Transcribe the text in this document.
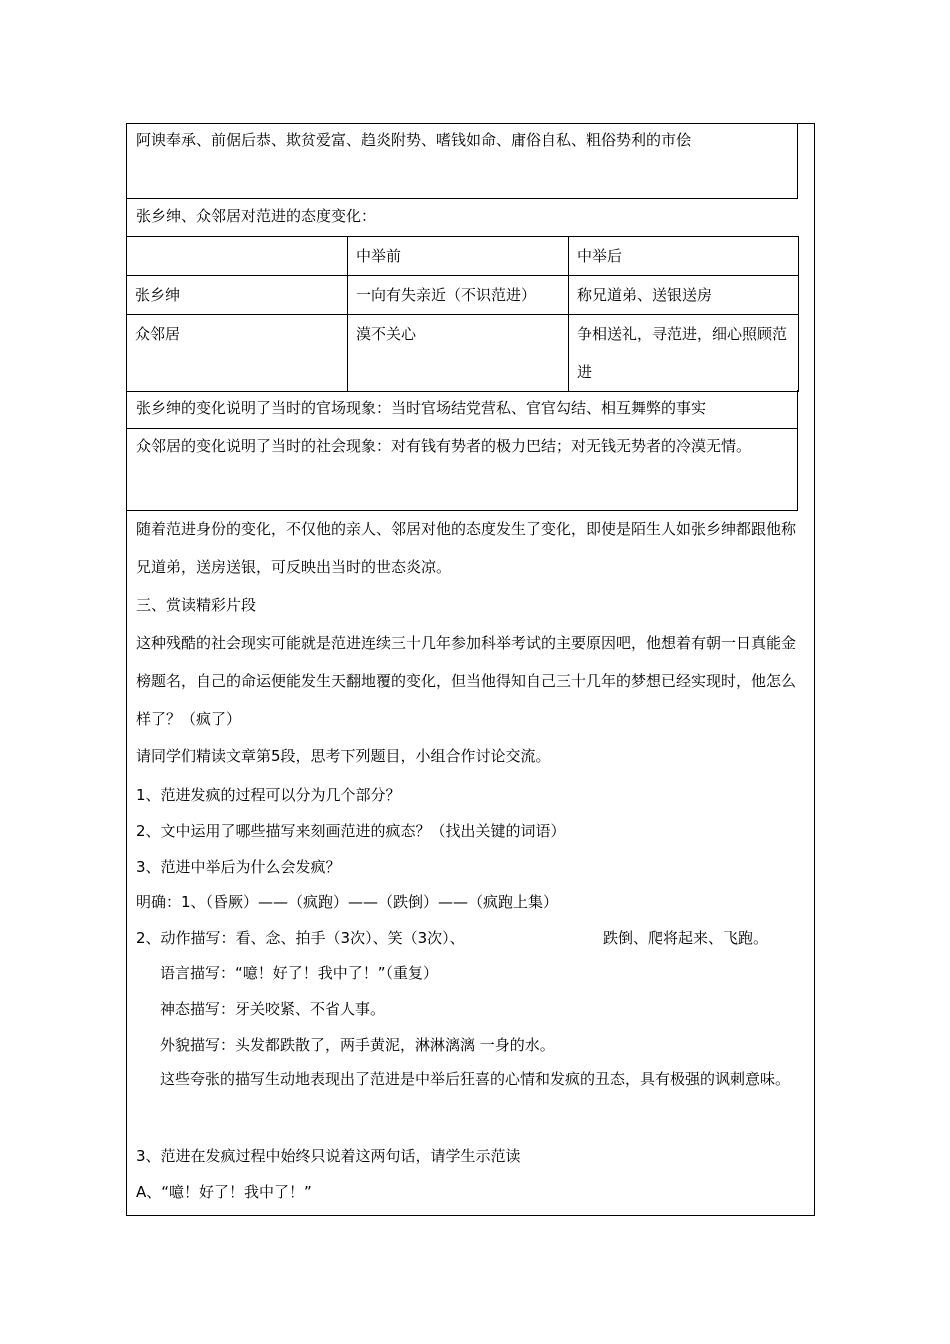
阿谀奉承、前倨后恭、欺贫爱富、趋炎附势、嗜钱如命、庸俗自私、粗俗势利的市侩
张乡绅、众邻居对范进的态度变化：
	中举前	中举后
张乡绅	一向有失亲近（不识范进）	称兄道弟、送银送房
众邻居	漠不关心	争相送礼，寻范进，细心照顾范进
张乡绅的变化说明了当时的官场现象：当时官场结党营私、官官勾结、相互舞弊的事实
众邻居的变化说明了当时的社会现象：对有钱有势者的极力巴结；对无钱无势者的冷漠无情。
随着范进身份的变化，不仅他的亲人、邻居对他的态度发生了变化，即使是陌生人如张乡绅都跟他称兄道弟，送房送银，可反映出当时的世态炎凉。
三、赏读精彩片段
这种残酷的社会现实可能就是范进连续三十几年参加科举考试的主要原因吧，他想着有朝一日真能金榜题名，自己的命运便能发生天翻地覆的变化，但当他得知自己三十几年的梦想已经实现时，他怎么样了？（疯了）
请同学们精读文章第5段，思考下列题目，小组合作讨论交流。
1、范进发疯的过程可以分为几个部分？
2、文中运用了哪些描写来刻画范进的疯态？（找出关键的词语）
3、范进中举后为什么会发疯？
明确：1、（昏厥）——（疯跑）——（跌倒）——（疯跑上集）
2、动作描写：看、念、拍手（3次）、笑（3次）、	跌倒、爬将起来、飞跑。
语言描写：“噫！好了！我中了！”（重复）
神态描写：牙关咬紧、不省人事。
外貌描写：头发都跌散了，两手黄泥，淋淋漓漓 一身的水。
这些夸张的描写生动地表现出了范进是中举后狂喜的心情和发疯的丑态，具有极强的讽刺意味。
3、范进在发疯过程中始终只说着这两句话，请学生示范读
A、“噫！好了！我中了！”
